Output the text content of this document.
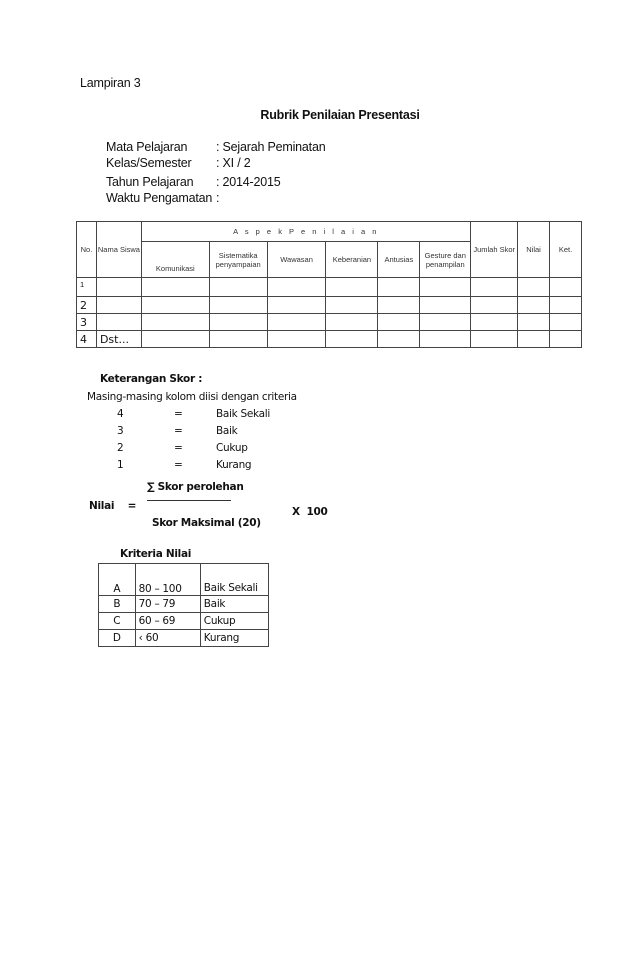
Lampiran 3
Rubrik Penilaian Presentasi
Mata Pelajaran	: Sejarah Peminatan
Kelas/Semester	: XI / 2
Tahun Pelajaran	: 2014-2015
Waktu Pengamatan :
No.	Nama Siswa	A s p e k P e n i l a i a n						Jumlah Skor	Nilai	Ket.
		Komunikasi	Sistematika penyampaian	Wawasan	Keberanian	Antusias	Gesture dan penampilan			
1										
2										
3										
4	Dst...									
Keterangan Skor :
Masing-masing kolom diisi dengan criteria
4	=	Baik Sekali
3	=	Baik
2	=	Cukup
1	=	Kurang
∑ Skor perolehan
Nilai    =
Skor Maksimal (20)
X  100
Kriteria Nilai
A	80 – 100	Baik Sekali
B	70 – 79	Baik
C	60 – 69	Cukup
D	‹ 60	Kurang
